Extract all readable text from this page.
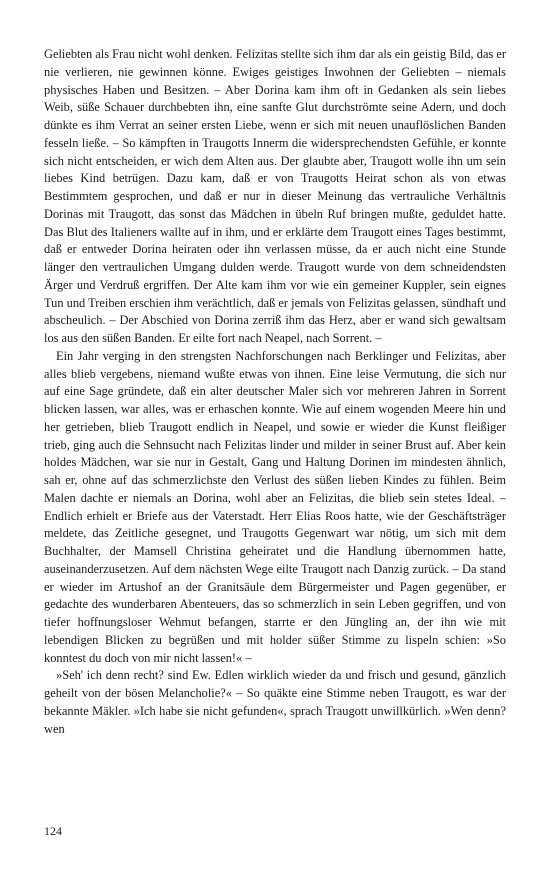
Geliebten als Frau nicht wohl denken. Felizitas stellte sich ihm dar als ein geistig Bild, das er nie verlieren, nie gewinnen könne. Ewiges geistiges Inwohnen der Geliebten – niemals physisches Haben und Besitzen. – Aber Dorina kam ihm oft in Gedanken als sein liebes Weib, süße Schauer durchbebten ihn, eine sanfte Glut durchströmte seine Adern, und doch dünkte es ihm Verrat an seiner ersten Liebe, wenn er sich mit neuen unauflöslichen Banden fesseln ließe. – So kämpften in Traugotts Innerm die widersprechendsten Gefühle, er konnte sich nicht entscheiden, er wich dem Alten aus. Der glaubte aber, Traugott wolle ihn um sein liebes Kind betrügen. Dazu kam, daß er von Traugotts Heirat schon als von etwas Bestimmtem gesprochen, und daß er nur in dieser Meinung das vertrauliche Verhältnis Dorinas mit Traugott, das sonst das Mädchen in übeln Ruf bringen mußte, geduldet hatte. Das Blut des Italieners wallte auf in ihm, und er erklärte dem Traugott eines Tages bestimmt, daß er entweder Dorina heiraten oder ihn verlassen müsse, da er auch nicht eine Stunde länger den vertraulichen Umgang dulden werde. Traugott wurde von dem schneidendsten Ärger und Verdruß ergriffen. Der Alte kam ihm vor wie ein gemeiner Kuppler, sein eignes Tun und Treiben erschien ihm verächtlich, daß er jemals von Felizitas gelassen, sündhaft und abscheulich. – Der Abschied von Dorina zerriß ihm das Herz, aber er wand sich gewaltsam los aus den süßen Banden. Er eilte fort nach Neapel, nach Sorrent. –

Ein Jahr verging in den strengsten Nachforschungen nach Berklinger und Felizitas, aber alles blieb vergebens, niemand wußte etwas von ihnen. Eine leise Vermutung, die sich nur auf eine Sage gründete, daß ein alter deutscher Maler sich vor mehreren Jahren in Sorrent blicken lassen, war alles, was er erhaschen konnte. Wie auf einem wogenden Meere hin und her getrieben, blieb Traugott endlich in Neapel, und sowie er wieder die Kunst fleißiger trieb, ging auch die Sehnsucht nach Felizitas linder und milder in seiner Brust auf. Aber kein holdes Mädchen, war sie nur in Gestalt, Gang und Haltung Dorinen im mindesten ähnlich, sah er, ohne auf das schmerzlichste den Verlust des süßen lieben Kindes zu fühlen. Beim Malen dachte er niemals an Dorina, wohl aber an Felizitas, die blieb sein stetes Ideal. – Endlich erhielt er Briefe aus der Vaterstadt. Herr Elias Roos hatte, wie der Geschäftsträger meldete, das Zeitliche gesegnet, und Traugotts Gegenwart war nötig, um sich mit dem Buchhalter, der Mamsell Christina geheiratet und die Handlung übernommen hatte, auseinanderzusetzen. Auf dem nächsten Wege eilte Traugott nach Danzig zurück. – Da stand er wieder im Artushof an der Granitsäule dem Bürgermeister und Pagen gegenüber, er gedachte des wunderbaren Abenteuers, das so schmerzlich in sein Leben gegriffen, und von tiefer hoffnungsloser Wehmut befangen, starrte er den Jüngling an, der ihn wie mit lebendigen Blicken zu begrüßen und mit holder süßer Stimme zu lispeln schien: »So konntest du doch von mir nicht lassen!« –

»Seh' ich denn recht? sind Ew. Edlen wirklich wieder da und frisch und gesund, gänzlich geheilt von der bösen Melancholie?« – So quäkte eine Stimme neben Traugott, es war der bekannte Mäkler. »Ich habe sie nicht gefunden«, sprach Traugott unwillkürlich. »Wen denn? wen

124
